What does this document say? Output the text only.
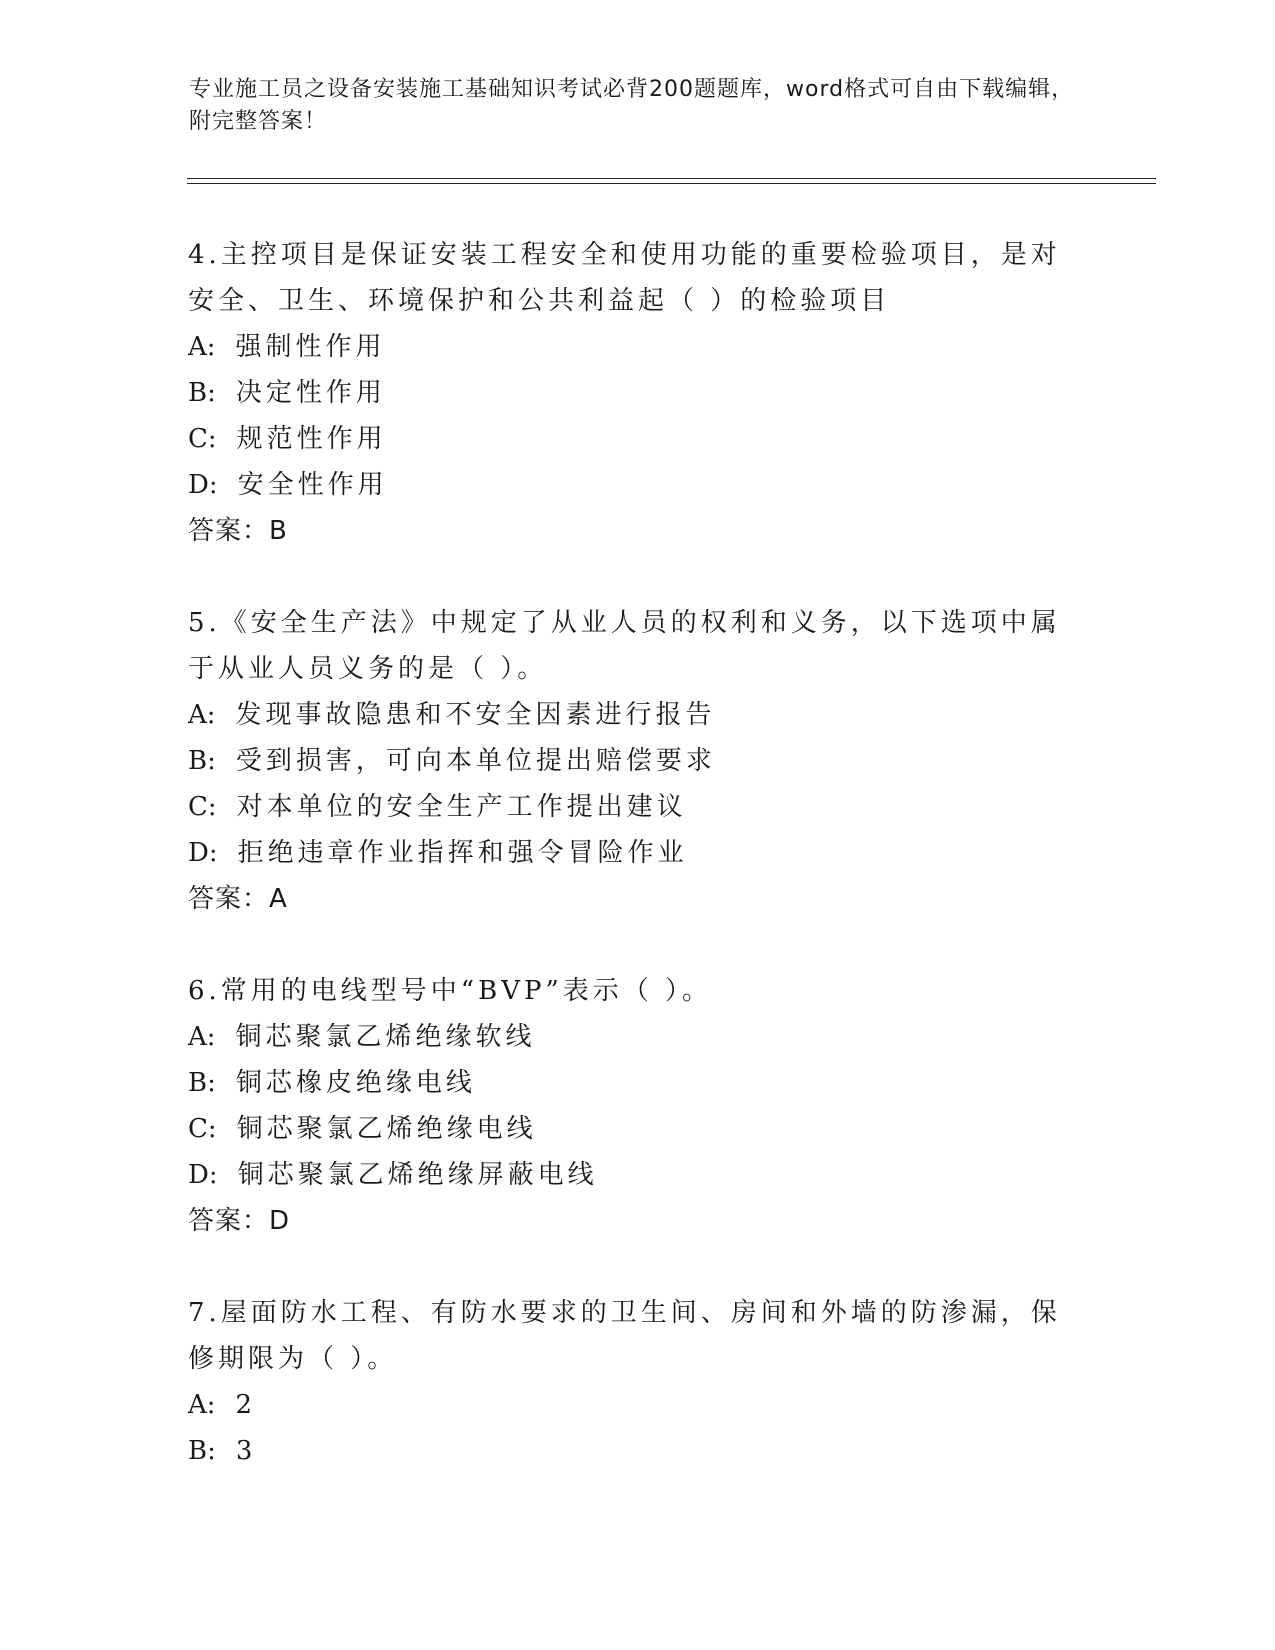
专业施工员之设备安装施工基础知识考试必背200题题库，word格式可自由下载编辑，附完整答案！

4.主控项目是保证安装工程安全和使用功能的重要检验项目，是对安全、卫生、环境保护和公共利益起（ ）的检验项目

A: 强制性作用

B: 决定性作用

C: 规范性作用

D: 安全性作用

答案：B

5.《安全生产法》中规定了从业人员的权利和义务，以下选项中属于从业人员义务的是（ ）。

A: 发现事故隐患和不安全因素进行报告

B: 受到损害，可向本单位提出赔偿要求

C: 对本单位的安全生产工作提出建议

D: 拒绝违章作业指挥和强令冒险作业

答案：A

6.常用的电线型号中“BVP”表示（ ）。

A: 铜芯聚氯乙烯绝缘软线

B: 铜芯橡皮绝缘电线

C: 铜芯聚氯乙烯绝缘电线

D: 铜芯聚氯乙烯绝缘屏蔽电线

答案：D

7.屋面防水工程、有防水要求的卫生间、房间和外墙的防渗漏，保修期限为（ ）。

A: 2

B: 3
